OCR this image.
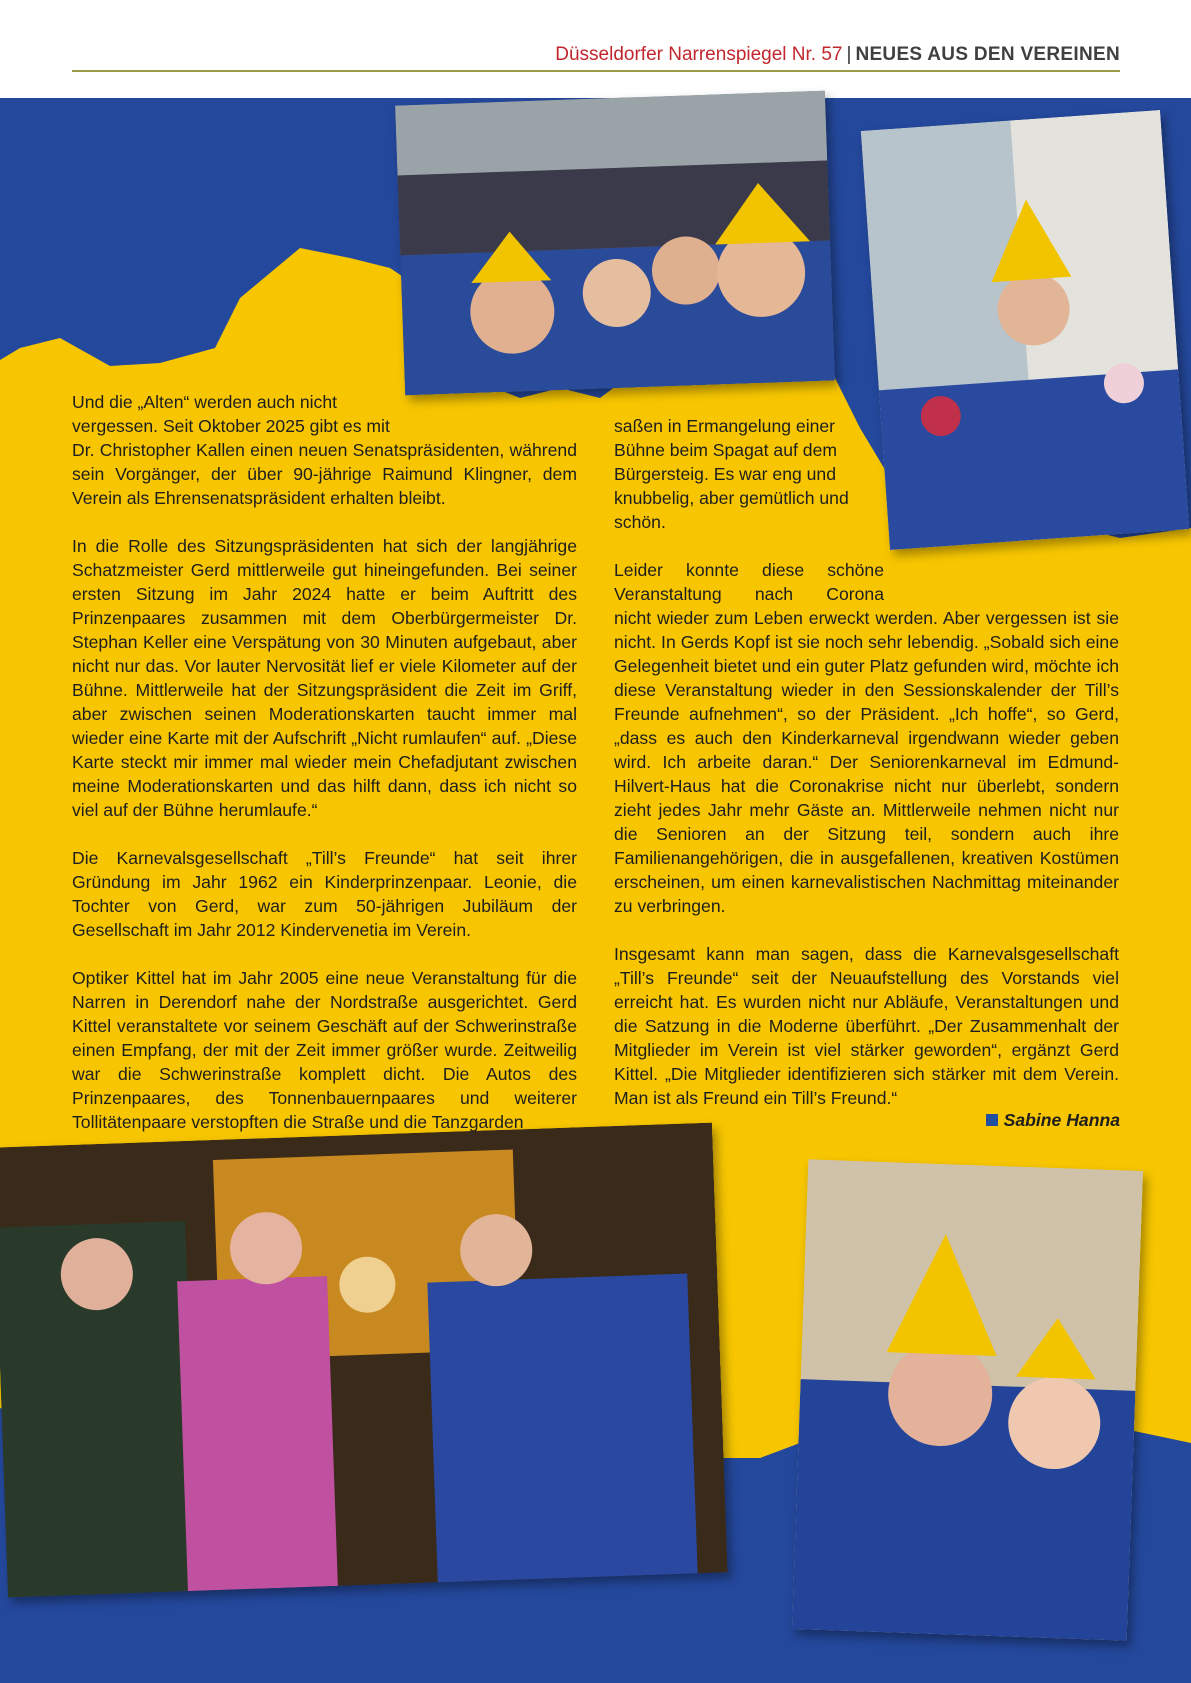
Düsseldorfer Narrenspiegel Nr. 57 | NEUES AUS DEN VEREINEN
Und die „Alten“ werden auch nicht vergessen. Seit Oktober 2025 gibt es mit

Dr. Christopher Kallen einen neuen Senatspräsidenten, während sein Vorgänger, der über 90-jährige Raimund Klingner, dem Verein als Ehrensenatspräsident erhalten bleibt.

In die Rolle des Sitzungspräsidenten hat sich der langjährige Schatzmeister Gerd mittlerweile gut hineingefunden. Bei seiner ersten Sitzung im Jahr 2024 hatte er beim Auftritt des Prinzenpaares zusammen mit dem Oberbürgermeister Dr. Stephan Keller eine Verspätung von 30 Minuten aufgebaut, aber nicht nur das. Vor lauter Nervosität lief er viele Kilometer auf der Bühne. Mittlerweile hat der Sitzungspräsident die Zeit im Griff, aber zwischen seinen Moderationskarten taucht immer mal wieder eine Karte mit der Aufschrift „Nicht rumlaufen“ auf. „Diese Karte steckt mir immer mal wieder mein Chefadjutant zwischen meine Moderationskarten und das hilft dann, dass ich nicht so viel auf der Bühne herumlaufe.“

Die Karnevalsgesellschaft „Till’s Freunde“ hat seit ihrer Gründung im Jahr 1962 ein Kinderprinzenpaar. Leonie, die Tochter von Gerd, war zum 50-jährigen Jubiläum der Gesellschaft im Jahr 2012 Kindervenetia im Verein.

Optiker Kittel hat im Jahr 2005 eine neue Veranstaltung für die Narren in Derendorf nahe der Nordstraße ausgerichtet. Gerd Kittel veranstaltete vor seinem Geschäft auf der Schwerinstraße einen Empfang, der mit der Zeit immer größer wurde. Zeitweilig war die Schwerinstraße komplett dicht. Die Autos des Prinzenpaares, des Tonnenbauernpaares und weiterer Tollitätenpaare verstopften die Straße und die Tanzgarden

saßen in Ermangelung einer Bühne beim Spagat auf dem Bürgersteig. Es war eng und knubbelig, aber gemütlich und schön.

Leider konnte diese schöne Veranstaltung nach Corona

nicht wieder zum Leben erweckt werden. Aber vergessen ist sie nicht. In Gerds Kopf ist sie noch sehr lebendig. „Sobald sich eine Gelegenheit bietet und ein guter Platz gefunden wird, möchte ich diese Veranstaltung wieder in den Sessionskalender der Till’s Freunde aufnehmen“, so der Präsident. „Ich hoffe“, so Gerd, „dass es auch den Kinderkarneval irgendwann wieder geben wird. Ich arbeite daran.“ Der Seniorenkarneval im Edmund-Hilvert-Haus hat die Coronakrise nicht nur überlebt, sondern zieht jedes Jahr mehr Gäste an. Mittlerweile nehmen nicht nur die Senioren an der Sitzung teil, sondern auch ihre Familienangehörigen, die in ausgefallenen, kreativen Kostümen erscheinen, um einen karnevalistischen Nachmittag miteinander zu verbringen.

Insgesamt kann man sagen, dass die Karnevalsgesellschaft „Till’s Freunde“ seit der Neuaufstellung des Vorstands viel erreicht hat. Es wurden nicht nur Abläufe, Veranstaltungen und die Satzung in die Moderne überführt. „Der Zusammenhalt der Mitglieder im Verein ist viel stärker geworden“, ergänzt Gerd Kittel. „Die Mitglieder identifizieren sich stärker mit dem Verein. Man ist als Freund ein Till’s Freund.“

Sabine Hanna
